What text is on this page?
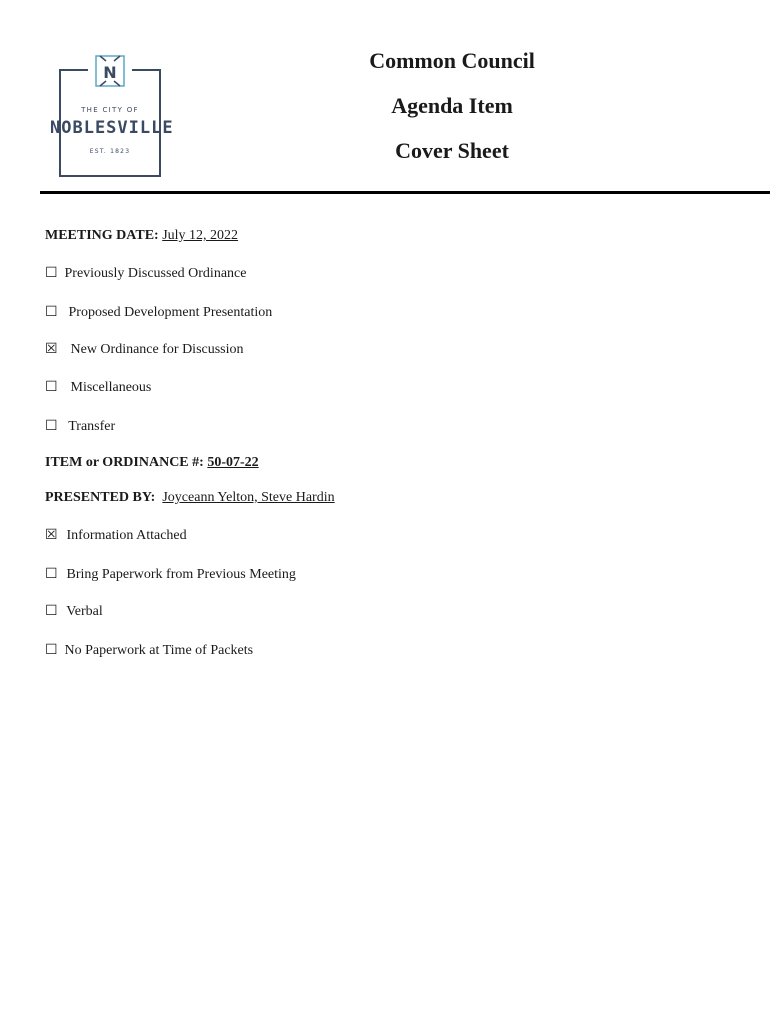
N
THE CITY OF
NOBLESVILLE
EST. 1823
Common Council
Agenda Item
Cover Sheet
MEETING DATE: July 12, 2022
☐ Previously Discussed Ordinance
☐ Proposed Development Presentation
☒ New Ordinance for Discussion
☐ Miscellaneous
☐ Transfer
ITEM or ORDINANCE #: 50-07-22
PRESENTED BY: Joyceann Yelton, Steve Hardin
☒ Information Attached
☐ Bring Paperwork from Previous Meeting
☐ Verbal
☐ No Paperwork at Time of Packets
